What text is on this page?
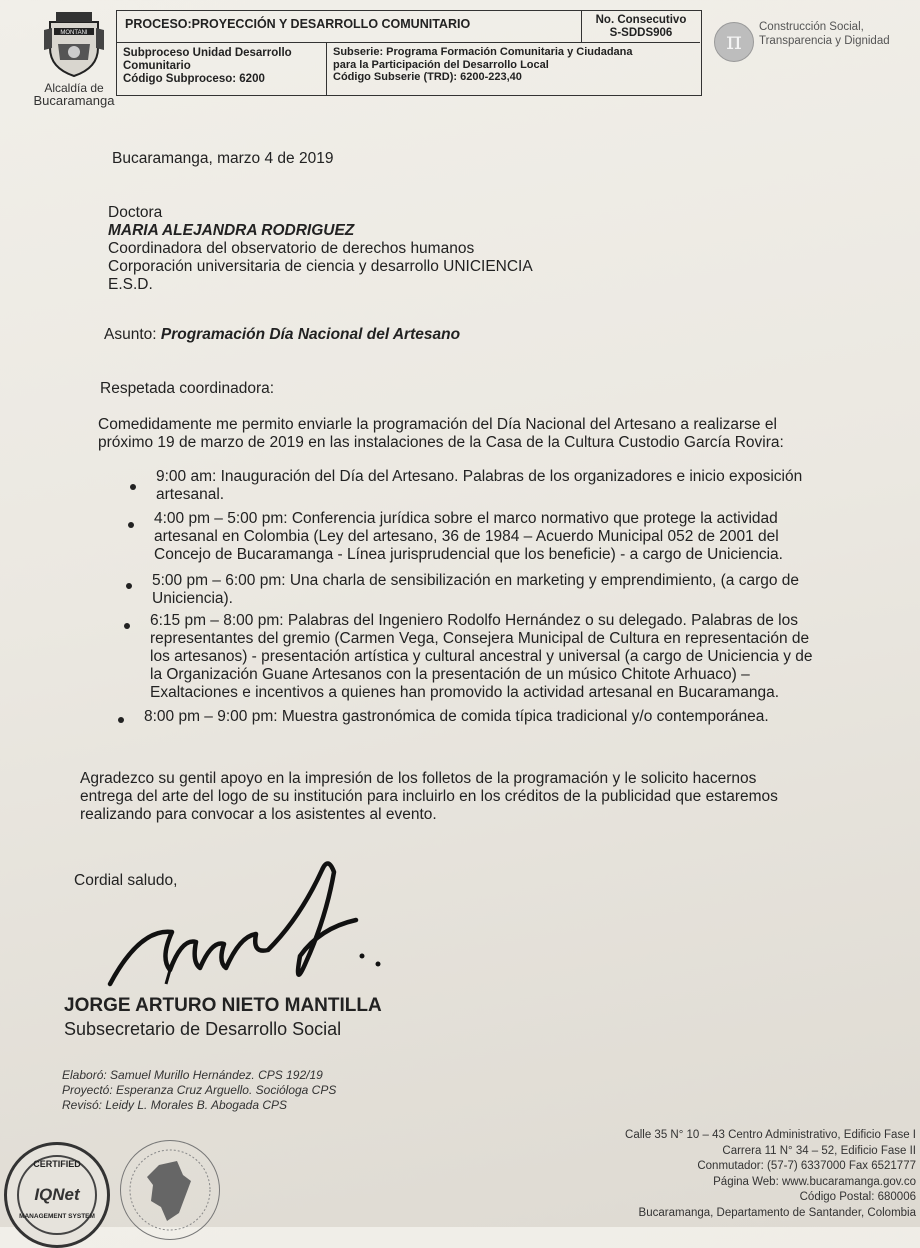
MONTANI
Alcaldía de
Bucaramanga
PROCESO:PROYECCIÓN Y DESARROLLO COMUNITARIO	No. Consecutivo
S-SDDS906
Subproceso Unidad Desarrollo
Comunitario
Código Subproceso: 6200
Subserie: Programa Formación Comunitaria y Ciudadana
para la Participación del Desarrollo Local
Código Subserie (TRD): 6200-223,40
π	Construcción Social,
Transparencia y Dignidad
Bucaramanga, marzo 4 de 2019
Doctora
MARIA ALEJANDRA RODRIGUEZ
Coordinadora del observatorio de derechos humanos
Corporación universitaria de ciencia y desarrollo UNICIENCIA
E.S.D.
Asunto: Programación Día Nacional del Artesano
Respetada coordinadora:
Comedidamente me permito enviarle la programación del Día Nacional del Artesano a realizarse el
próximo 19 de marzo de 2019 en las instalaciones de la Casa de la Cultura Custodio García Rovira:
9:00 am: Inauguración del Día del Artesano. Palabras de los organizadores e inicio exposición
artesanal.
4:00 pm – 5:00 pm: Conferencia jurídica sobre el marco normativo que protege la actividad
artesanal en Colombia (Ley del artesano, 36 de 1984 – Acuerdo Municipal 052 de 2001 del
Concejo de Bucaramanga - Línea jurisprudencial que los beneficie) - a cargo de Uniciencia.
5:00 pm – 6:00 pm: Una charla de sensibilización en marketing y emprendimiento, (a cargo de
Uniciencia).
6:15 pm – 8:00 pm: Palabras del Ingeniero Rodolfo Hernández o su delegado. Palabras de los
representantes del gremio (Carmen Vega, Consejera Municipal de Cultura en representación de
los artesanos) - presentación artística y cultural ancestral y universal (a cargo de Uniciencia y de
la Organización Guane Artesanos con la presentación de un músico Chitote Arhuaco) –
Exaltaciones e incentivos a quienes han promovido la actividad artesanal en Bucaramanga.
8:00 pm – 9:00 pm: Muestra gastronómica de comida típica tradicional y/o contemporánea.
Agradezco su gentil apoyo en la impresión de los folletos de la programación y le solicito hacernos
entrega del arte del logo de su institución para incluirlo en los créditos de la publicidad que estaremos
realizando para convocar a los asistentes al evento.
Cordial saludo,
JORGE ARTURO NIETO MANTILLA
Subsecretario de Desarrollo Social
Elaboró: Samuel Murillo Hernández. CPS 192/19
Proyectó: Esperanza Cruz Arguello. Socióloga CPS
Revisó: Leidy L. Morales B. Abogada CPS
CERTIFIED
IQNet
MANAGEMENT SYSTEM
Calle 35 N° 10 – 43 Centro Administrativo, Edificio Fase I
Carrera 11 N° 34 – 52, Edificio Fase II
Conmutador: (57-7) 6337000 Fax 6521777
Página Web: www.bucaramanga.gov.co
Código Postal: 680006
Bucaramanga, Departamento de Santander, Colombia
